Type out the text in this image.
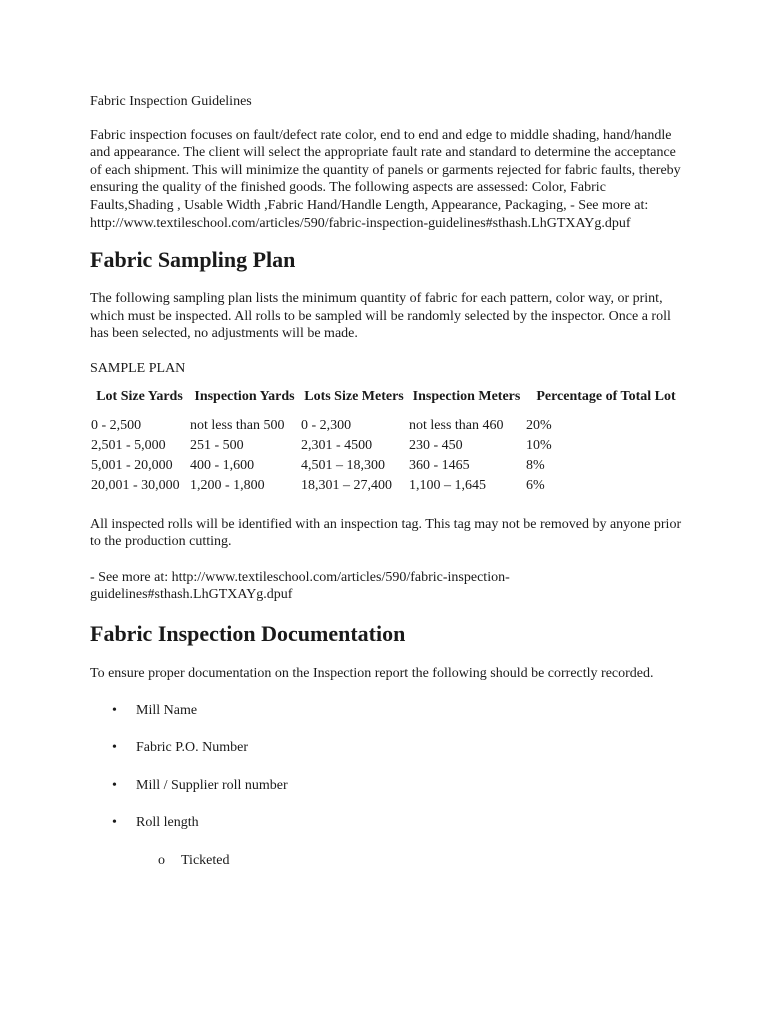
Fabric Inspection Guidelines

Fabric inspection focuses on fault/defect rate color, end to end and edge to middle shading, hand/handle and appearance. The client will select the appropriate fault rate and standard to determine the acceptance of each shipment. This will minimize the quantity of panels or garments rejected for fabric faults, thereby ensuring the quality of the finished goods. The following aspects are assessed: Color, Fabric Faults,Shading , Usable Width ,Fabric Hand/Handle Length, Appearance, Packaging, - See more at: http://www.textileschool.com/articles/590/fabric-inspection-guidelines#sthash.LhGTXAYg.dpuf

Fabric Sampling Plan

The following sampling plan lists the minimum quantity of fabric for each pattern, color way, or print, which must be inspected. All rolls to be sampled will be randomly selected by the inspector. Once a roll has been selected, no adjustments will be made.

SAMPLE PLAN

Lot Size Yards	Inspection Yards	Lots Size Meters	Inspection Meters	Percentage of Total Lot
0 - 2,500	not less than 500	0 - 2,300	not less than 460	20%
2,501 - 5,000	251 - 500	2,301 - 4500	230 - 450	10%
5,001 - 20,000	400 - 1,600	4,501 – 18,300	360 - 1465	8%
20,001 - 30,000	1,200 - 1,800	18,301 – 27,400	1,100 – 1,645	6%

All inspected rolls will be identified with an inspection tag. This tag may not be removed by anyone prior to the production cutting.

- See more at: http://www.textileschool.com/articles/590/fabric-inspection-guidelines#sthash.LhGTXAYg.dpuf

Fabric Inspection Documentation

To ensure proper documentation on the Inspection report the following should be correctly recorded.

• Mill Name
• Fabric P.O. Number
• Mill / Supplier roll number
• Roll length
o Ticketed
